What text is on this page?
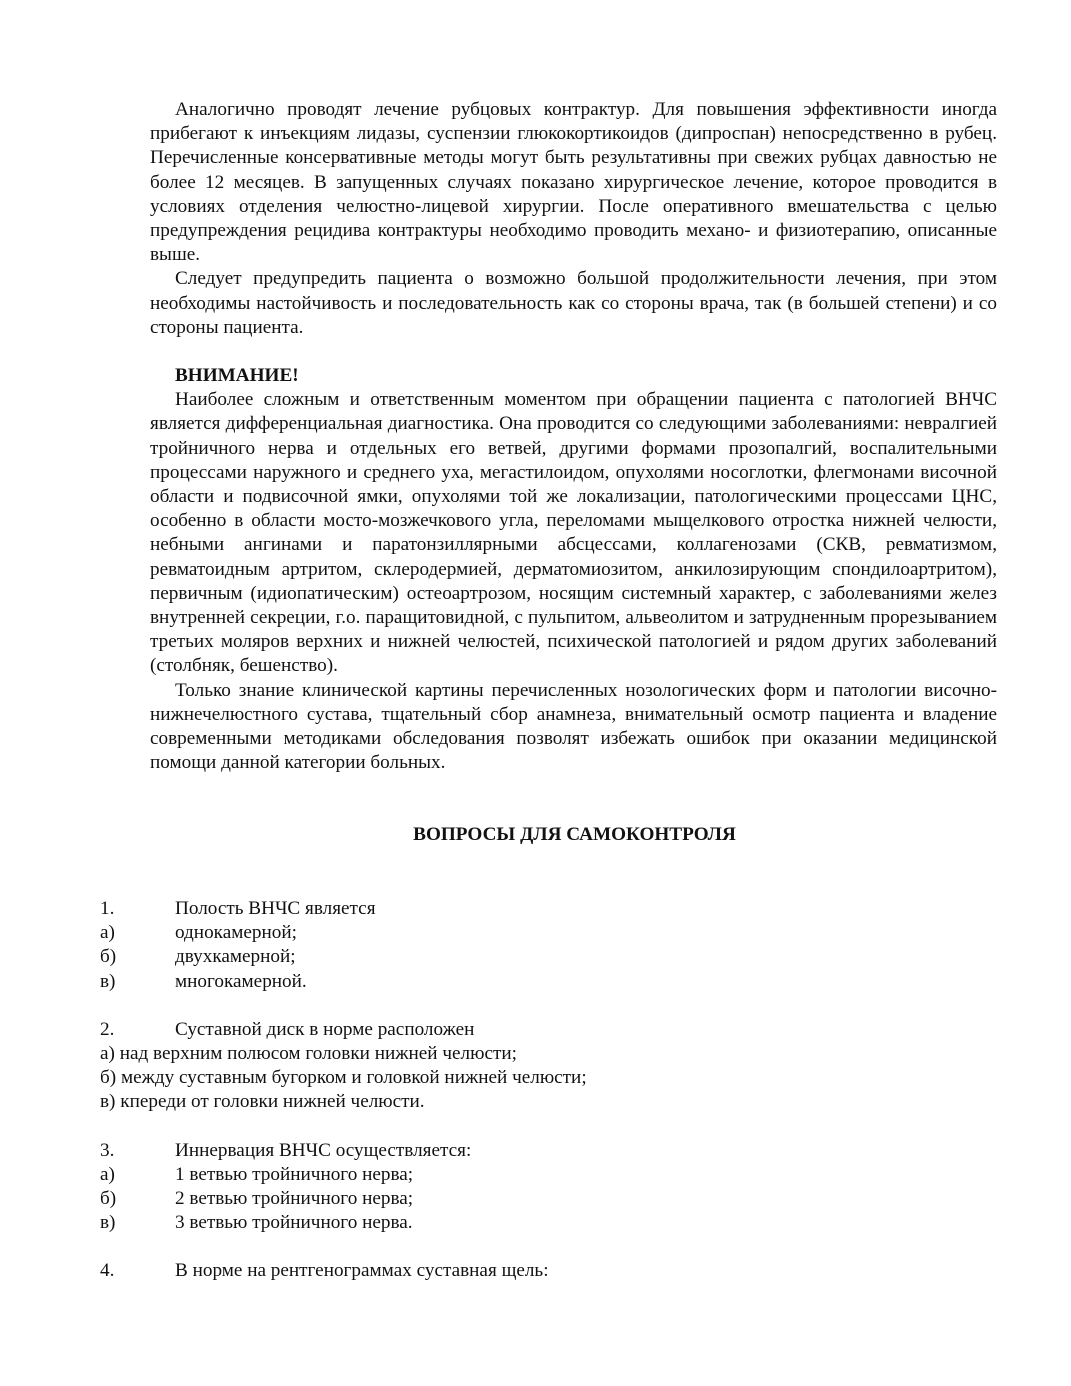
Аналогично проводят лечение рубцовых контрактур. Для повышения эффективности иногда прибегают к инъекциям лидазы, суспензии глюкокортикоидов (дипроспан) непосредственно в рубец. Перечисленные консервативные методы могут быть результативны при свежих рубцах давностью не более 12 месяцев. В запущенных случаях показано хирургическое лечение, которое проводится в условиях отделения челюстно-лицевой хирургии. После оперативного вмешательства с целью предупреждения рецидива контрактуры необходимо проводить механо- и физиотерапию, описанные выше.

Следует предупредить пациента о возможно большой продолжительности лечения, при этом необходимы настойчивость и последовательность как со стороны врача, так (в большей степени) и со стороны пациента.

ВНИМАНИЕ!

Наиболее сложным и ответственным моментом при обращении пациента с патологией ВНЧС является дифференциальная диагностика. Она проводится со следующими заболеваниями: невралгией тройничного нерва и отдельных его ветвей, другими формами прозопалгий, воспалительными процессами наружного и среднего уха, мегастилоидом, опухолями носоглотки, флегмонами височной области и подвисочной ямки, опухолями той же локализации, патологическими процессами ЦНС, особенно в области мосто-мозжечкового угла, переломами мыщелкового отростка нижней челюсти, небными ангинами и паратонзиллярными абсцессами, коллагенозами (СКВ, ревматизмом, ревматоидным артритом, склеродермией, дерматомиозитом, анкилозирующим спондилоартритом), первичным (идиопатическим) остеоартрозом, носящим системный характер, с заболеваниями желез внутренней секреции, г.о. паращитовидной, с пульпитом, альвеолитом и затрудненным прорезыванием третьих моляров верхних и нижней челюстей, психической патологией и рядом других заболеваний (столбняк, бешенство).

Только знание клинической картины перечисленных нозологических форм и патологии височно-нижнечелюстного сустава, тщательный сбор анамнеза, внимательный осмотр пациента и владение современными методиками обследования позволят избежать ошибок при оказании медицинской помощи данной категории больных.

ВОПРОСЫ ДЛЯ САМОКОНТРОЛЯ

1.	Полость ВНЧС является
а)	однокамерной;
б)	двухкамерной;
в)	многокамерной.
2.	Суставной диск в норме расположен
а) над верхним полюсом головки нижней челюсти;
б) между суставным бугорком и головкой нижней челюсти;
в) кпереди от головки нижней челюсти.
3.	Иннервация ВНЧС осуществляется:
а)	1 ветвью тройничного нерва;
б)	2 ветвью тройничного нерва;
в)	3 ветвью тройничного нерва.
4.	В норме на рентгенограммах суставная щель:
